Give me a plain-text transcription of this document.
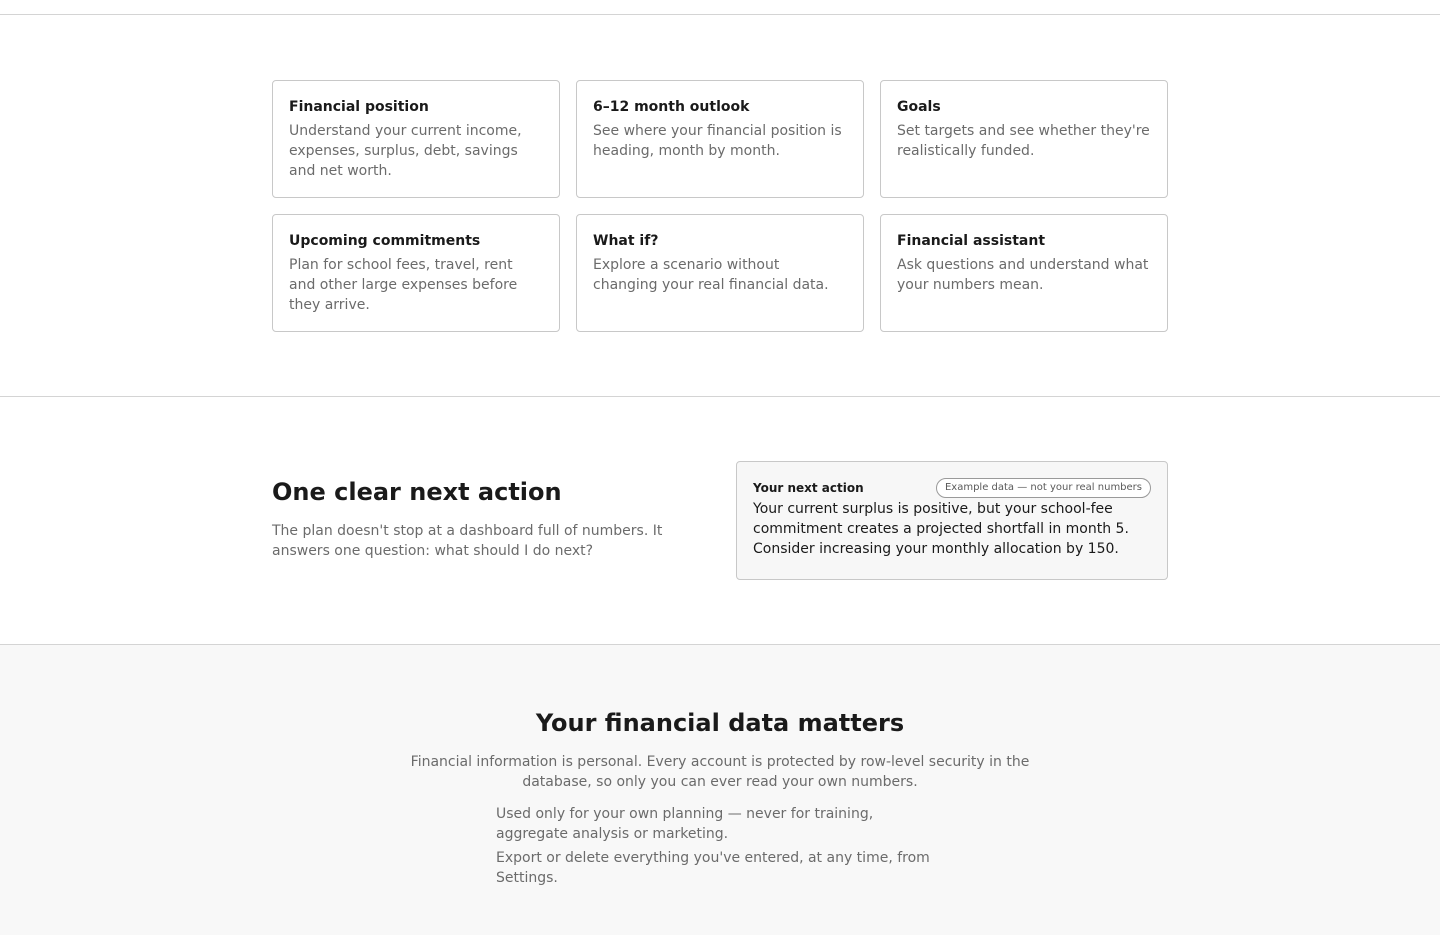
Financial position
Understand your current income, expenses, surplus, debt, savings and net worth.
6–12 month outlook
See where your financial position is heading, month by month.
Goals
Set targets and see whether they're realistically funded.
Upcoming commitments
Plan for school fees, travel, rent and other large expenses before they arrive.
What if?
Explore a scenario without changing your real financial data.
Financial assistant
Ask questions and understand what your numbers mean.
One clear next action

The plan doesn't stop at a dashboard full of numbers. It answers one question: what should I do next?

Your next action	Example data — not your real numbers

Your current surplus is positive, but your school-fee commitment creates a projected shortfall in month 5. Consider increasing your monthly allocation by 150.

Your financial data matters

Financial information is personal. Every account is protected by row-level security in the database, so only you can ever read your own numbers.

Used only for your own planning — never for training, aggregate analysis or marketing.
Export or delete everything you've entered, at any time, from Settings.
